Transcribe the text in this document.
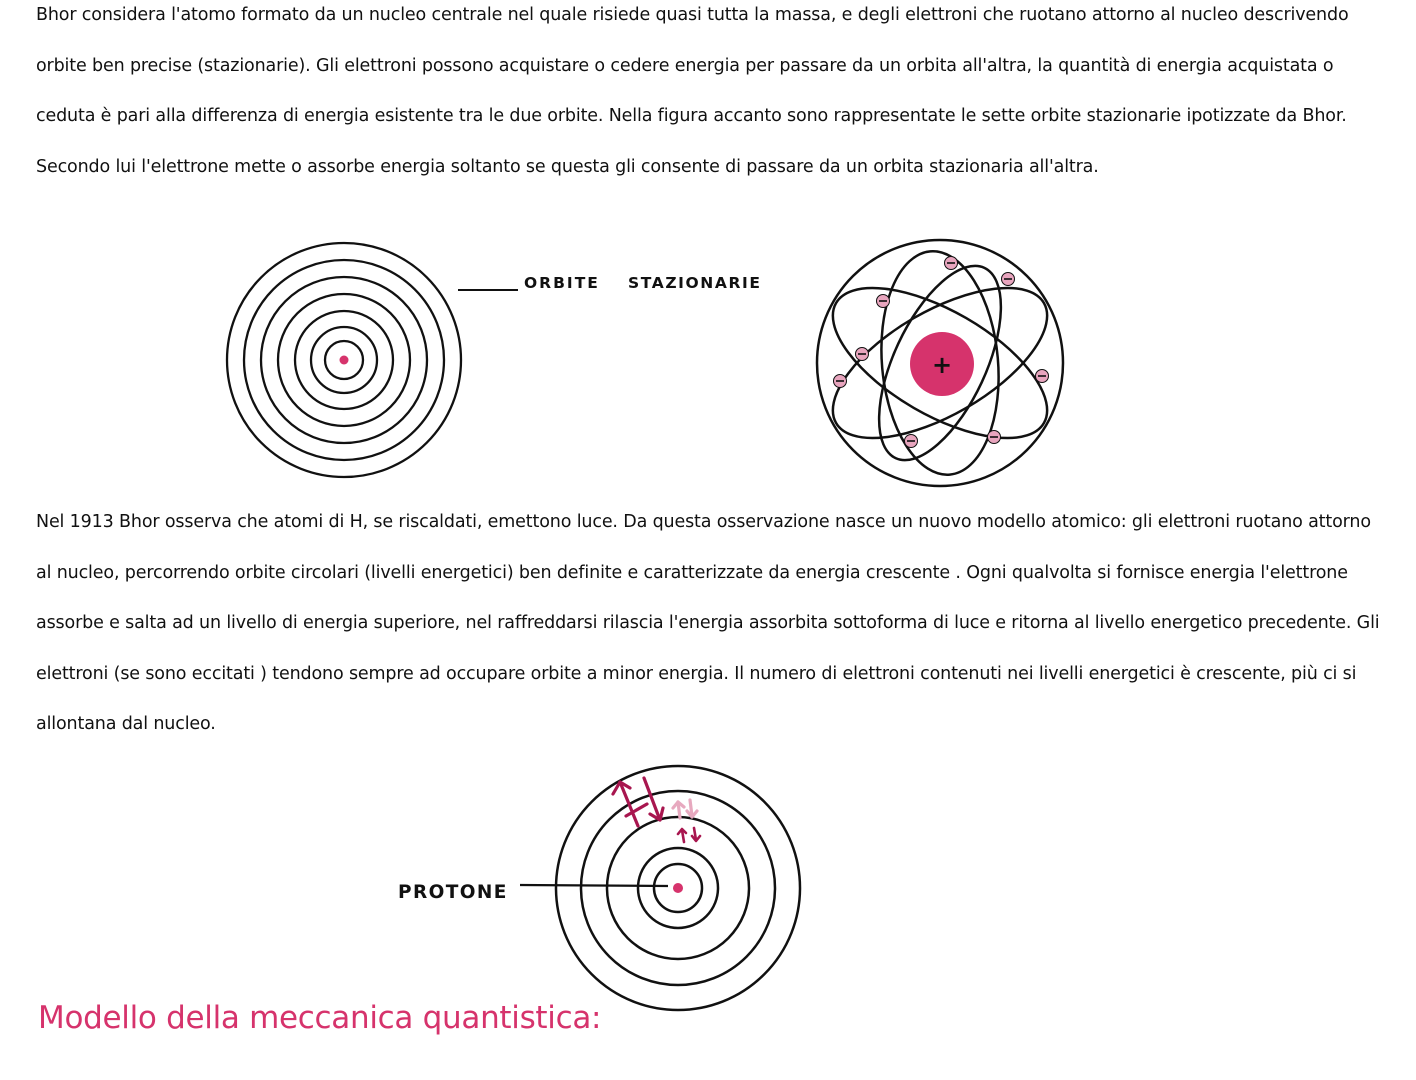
Bhor considera l'atomo formato da un nucleo centrale nel quale risiede quasi tutta la massa, e degli elettroni che ruotano attorno al nucleo descrivendo orbite ben precise (stazionarie). Gli elettroni possono acquistare o cedere energia per passare da un orbita all'altra, la quantità di energia acquistata o ceduta è pari alla differenza di energia esistente tra le due orbite. Nella figura accanto sono rappresentate le sette orbite stazionarie ipotizzate da Bhor. Secondo lui l'elettrone mette o assorbe energia soltanto se questa gli consente di passare da un orbita stazionaria all'altra.

ORBITE STAZIONARIE
+

Nel 1913 Bhor osserva che atomi di H, se riscaldati, emettono luce. Da questa osservazione nasce un nuovo modello atomico: gli elettroni ruotano attorno al nucleo, percorrendo orbite circolari (livelli energetici) ben definite e caratterizzate da energia crescente . Ogni qualvolta si fornisce energia l'elettrone assorbe e salta ad un livello di energia superiore, nel raffreddarsi rilascia l'energia assorbita sottoforma di luce e ritorna al livello energetico precedente. Gli elettroni (se sono eccitati ) tendono sempre ad occupare orbite a minor energia. Il numero di elettroni contenuti nei livelli energetici è crescente, più ci si allontana dal nucleo.

PROTONE
Modello della meccanica quantistica:
